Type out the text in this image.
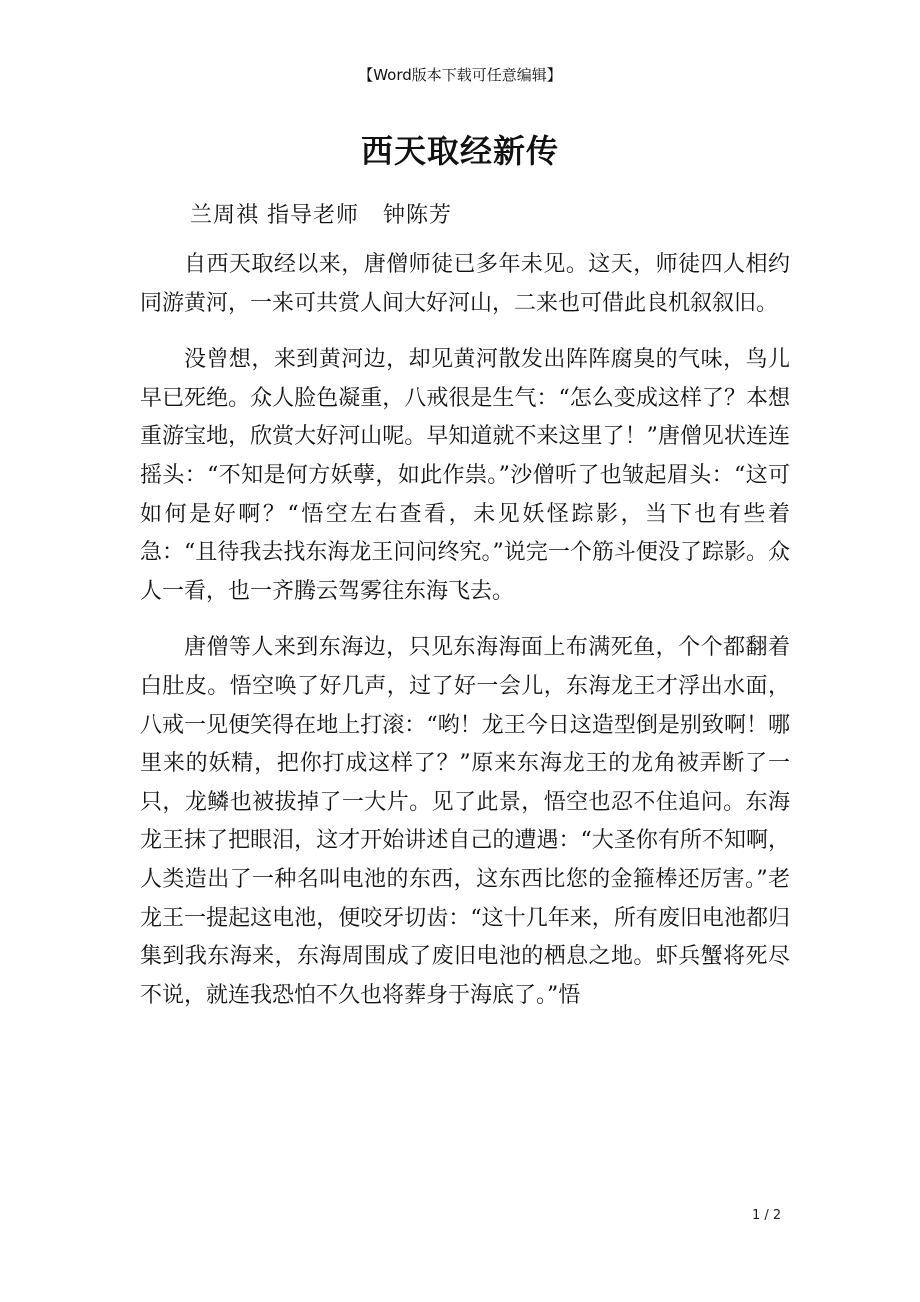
【Word版本下载可任意编辑】
西天取经新传
兰周祺 指导老师 钟陈芳

自西天取经以来，唐僧师徒已多年未见。这天，师徒四人相约同游黄河，一来可共赏人间大好河山，二来也可借此良机叙叙旧。

没曾想，来到黄河边，却见黄河散发出阵阵腐臭的气味，鸟儿早已死绝。众人脸色凝重，八戒很是生气：“怎么变成这样了？本想重游宝地，欣赏大好河山呢。早知道就不来这里了！”唐僧见状连连摇头：“不知是何方妖孽，如此作祟。”沙僧听了也皱起眉头：“这可如何是好啊？“悟空左右查看，未见妖怪踪影，当下也有些着急：“且待我去找东海龙王问问终究。”说完一个筋斗便没了踪影。众人一看，也一齐腾云驾雾往东海飞去。

唐僧等人来到东海边，只见东海海面上布满死鱼，个个都翻着白肚皮。悟空唤了好几声，过了好一会儿，东海龙王才浮出水面，八戒一见便笑得在地上打滚：“哟！龙王今日这造型倒是别致啊！哪里来的妖精，把你打成这样了？”原来东海龙王的龙角被弄断了一只，龙鳞也被拔掉了一大片。见了此景，悟空也忍不住追问。东海龙王抹了把眼泪，这才开始讲述自己的遭遇：“大圣你有所不知啊，人类造出了一种名叫电池的东西，这东西比您的金箍棒还厉害。”老龙王一提起这电池，便咬牙切齿：“这十几年来，所有废旧电池都归集到我东海来，东海周围成了废旧电池的栖息之地。虾兵蟹将死尽不说，就连我恐怕不久也将葬身于海底了。”悟

1 / 2
